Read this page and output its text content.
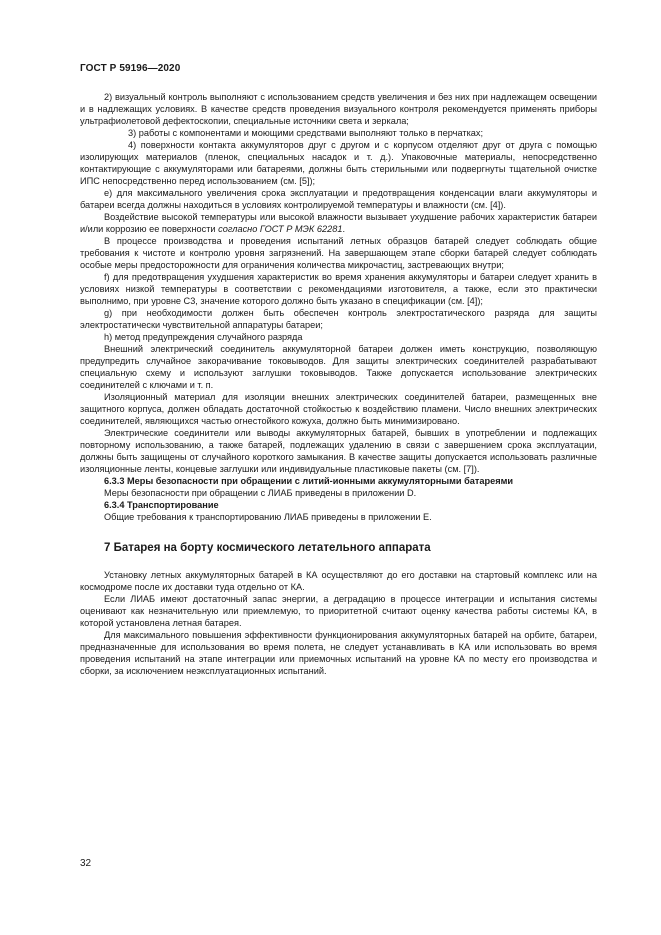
ГОСТ Р 59196—2020

2) визуальный контроль выполняют с использованием средств увеличения и без них при надлежащем освещении и в надлежащих условиях. В качестве средств проведения визуального контроля рекомендуется применять приборы ультрафиолетовой дефектоскопии, специальные источники света и зеркала;

3) работы с компонентами и моющими средствами выполняют только в перчатках;

4) поверхности контакта аккумуляторов друг с другом и с корпусом отделяют друг от друга с помощью изолирующих материалов (пленок, специальных насадок и т. д.). Упаковочные материалы, непосредственно контактирующие с аккумуляторами или батареями, должны быть стерильными или подвергнуты тщательной очистке ИПС непосредственно перед использованием (см. [5]);

e) для максимального увеличения срока эксплуатации и предотвращения конденсации влаги аккумуляторы и батареи всегда должны находиться в условиях контролируемой температуры и влажности (см. [4]).

Воздействие высокой температуры или высокой влажности вызывает ухудшение рабочих характеристик батареи и/или коррозию ее поверхности согласно ГОСТ Р МЭК 62281.

В процессе производства и проведения испытаний летных образцов батарей следует соблюдать общие требования к чистоте и контролю уровня загрязнений. На завершающем этапе сборки батарей следует соблюдать особые меры предосторожности для ограничения количества микрочастиц, застревающих внутри;

f) для предотвращения ухудшения характеристик во время хранения аккумуляторы и батареи следует хранить в условиях низкой температуры в соответствии с рекомендациями изготовителя, а также, если это практически выполнимо, при уровне C3, значение которого должно быть указано в спецификации (см. [4]);

g) при необходимости должен быть обеспечен контроль электростатического разряда для защиты электростатически чувствительной аппаратуры батареи;

h) метод предупреждения случайного разряда

Внешний электрический соединитель аккумуляторной батареи должен иметь конструкцию, позволяющую предупредить случайное закорачивание токовыводов. Для защиты электрических соединителей разрабатывают специальную схему и используют заглушки токовыводов. Также допускается использование электрических соединителей с ключами и т. п.

Изоляционный материал для изоляции внешних электрических соединителей батареи, размещенных вне защитного корпуса, должен обладать достаточной стойкостью к воздействию пламени. Число внешних электрических соединителей, являющихся частью огнестойкого кожуха, должно быть минимизировано.

Электрические соединители или выводы аккумуляторных батарей, бывших в употреблении и подлежащих повторному использованию, а также батарей, подлежащих удалению в связи с завершением срока эксплуатации, должны быть защищены от случайного короткого замыкания. В качестве защиты допускается использовать различные изоляционные ленты, концевые заглушки или индивидуальные пластиковые пакеты (см. [7]).

6.3.3 Меры безопасности при обращении с литий-ионными аккумуляторными батареями

Меры безопасности при обращении с ЛИАБ приведены в приложении D.

6.3.4 Транспортирование

Общие требования к транспортированию ЛИАБ приведены в приложении E.

7 Батарея на борту космического летательного аппарата

Установку летных аккумуляторных батарей в КА осуществляют до его доставки на стартовый комплекс или на космодроме после их доставки туда отдельно от КА.

Если ЛИАБ имеют достаточный запас энергии, а деградацию в процессе интеграции и испытания системы оценивают как незначительную или приемлемую, то приоритетной считают оценку качества работы системы КА, в которой установлена летная батарея.

Для максимального повышения эффективности функционирования аккумуляторных батарей на орбите, батареи, предназначенные для использования во время полета, не следует устанавливать в КА или использовать во время проведения испытаний на этапе интеграции или приемочных испытаний на уровне КА по месту его производства и сборки, за исключением неэксплуатационных испытаний.

32
